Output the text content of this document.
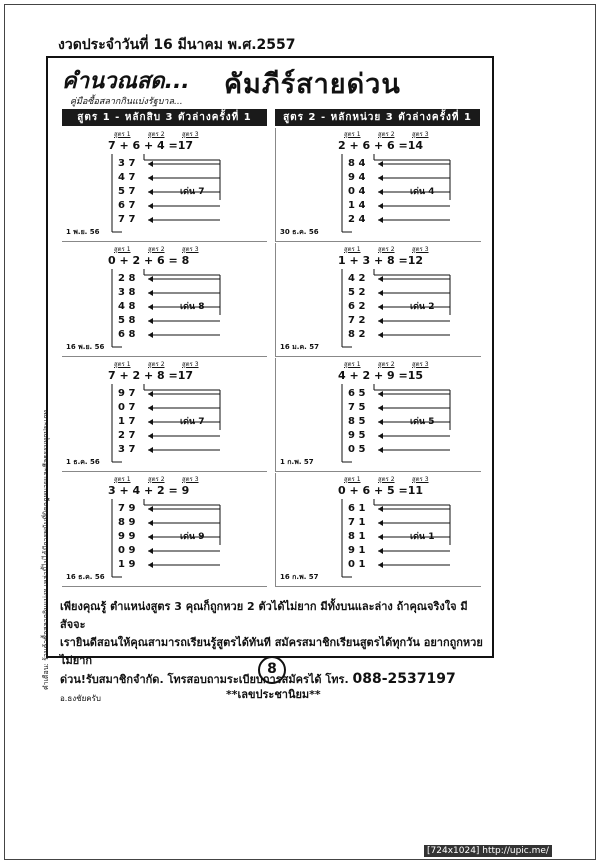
งวดประจำวันที่ 16 มีนาคม พ.ศ.2557
คำเตือน: ร้านค้าซื้อสลากกินแบ่งฯ เหล่านี้ไม่ได้มีการพนันที่ผิดกฎหมายและศีลธรรมทุกประเภท
คำนวณสด... คัมภีร์สายด่วน
คู่มือซื้อสลากกินแบ่งรัฐบาล...
สูตร 1 - หลักสิบ 3 ตัวล่างครั้งที่ 1	สูตร 2 - หลักหน่วย 3 ตัวล่างครั้งที่ 1
สูตร 1	สูตร 2	สูตร 3
7 + 6 + 4 =17
3 7
4 7
5 7
6 7
7 7
เด่น 7
1 พ.ย. 56
สูตร 1	สูตร 2	สูตร 3
2 + 6 + 6 =14
8 4
9 4
0 4
1 4
2 4
เด่น 4
30 ธ.ค. 56
สูตร 1	สูตร 2	สูตร 3
0 + 2 + 6 = 8
2 8
3 8
4 8
5 8
6 8
เด่น 8
16 พ.ย. 56
สูตร 1	สูตร 2	สูตร 3
1 + 3 + 8 =12
4 2
5 2
6 2
7 2
8 2
เด่น 2
16 ม.ค. 57
สูตร 1	สูตร 2	สูตร 3
7 + 2 + 8 =17
9 7
0 7
1 7
2 7
3 7
เด่น 7
1 ธ.ค. 56
สูตร 1	สูตร 2	สูตร 3
4 + 2 + 9 =15
6 5
7 5
8 5
9 5
0 5
เด่น 5
1 ก.พ. 57
สูตร 1	สูตร 2	สูตร 3
3 + 4 + 2 = 9
7 9
8 9
9 9
0 9
1 9
เด่น 9
16 ธ.ค. 56
สูตร 1	สูตร 2	สูตร 3
0 + 6 + 5 =11
6 1
7 1
8 1
9 1
0 1
เด่น 1
16 ก.พ. 57
เพียงคุณรู้ ตำแหน่งสูตร 3 คุณก็ถูกหวย 2 ตัวได้ไม่ยาก มีทั้งบนและล่าง ถ้าคุณจริงใจ มีสัจจะ
เรายินดีสอนให้คุณสามารถเรียนรู้สูตรได้ทันที สมัครสมาชิกเรียนสูตรได้ทุกวัน อยากถูกหวย ไม่ยาก
ด่วน!รับสมาชิกจำกัด. โทรสอบถามระเบียบการสมัครได้ โทร. 088-2537197 อ.ธงชัยครับ
8
**เลขประชานิยม**
[724x1024] http://upic.me/
